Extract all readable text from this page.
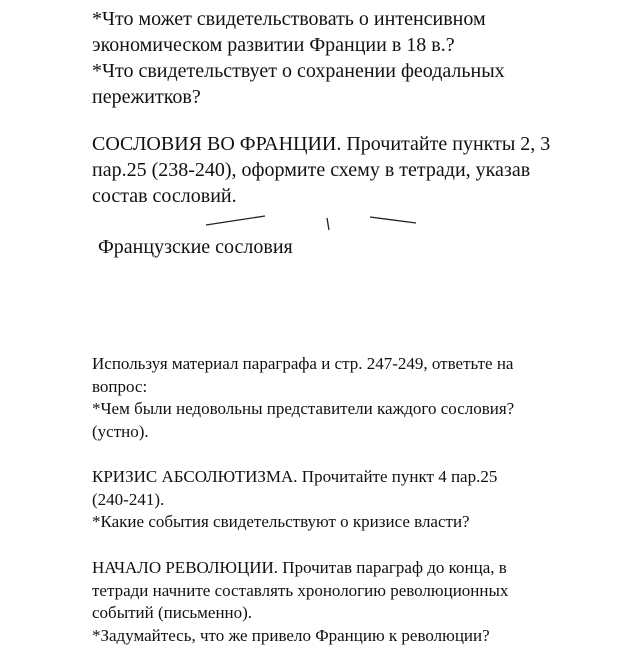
*Что может свидетельствовать о интенсивном
экономическом развитии Франции в 18 в.?
*Что свидетельствует о сохранении феодальных
пережитков?
СОСЛОВИЯ ВО ФРАНЦИИ. Прочитайте пункты 2, 3
пар.25 (238-240), оформите схему в тетради, указав
состав сословий.
Французские сословия
Используя материал параграфа и стр. 247-249, ответьте на
вопрос:
*Чем были недовольны представители каждого сословия?
(устно).
КРИЗИС АБСОЛЮТИЗМА. Прочитайте пункт 4 пар.25
(240-241).
*Какие события свидетельствуют о кризисе власти?
НАЧАЛО РЕВОЛЮЦИИ. Прочитав параграф до конца, в
тетради начните составлять хронологию революционных
событий (письменно).
*Задумайтесь, что же привело Францию к революции?
